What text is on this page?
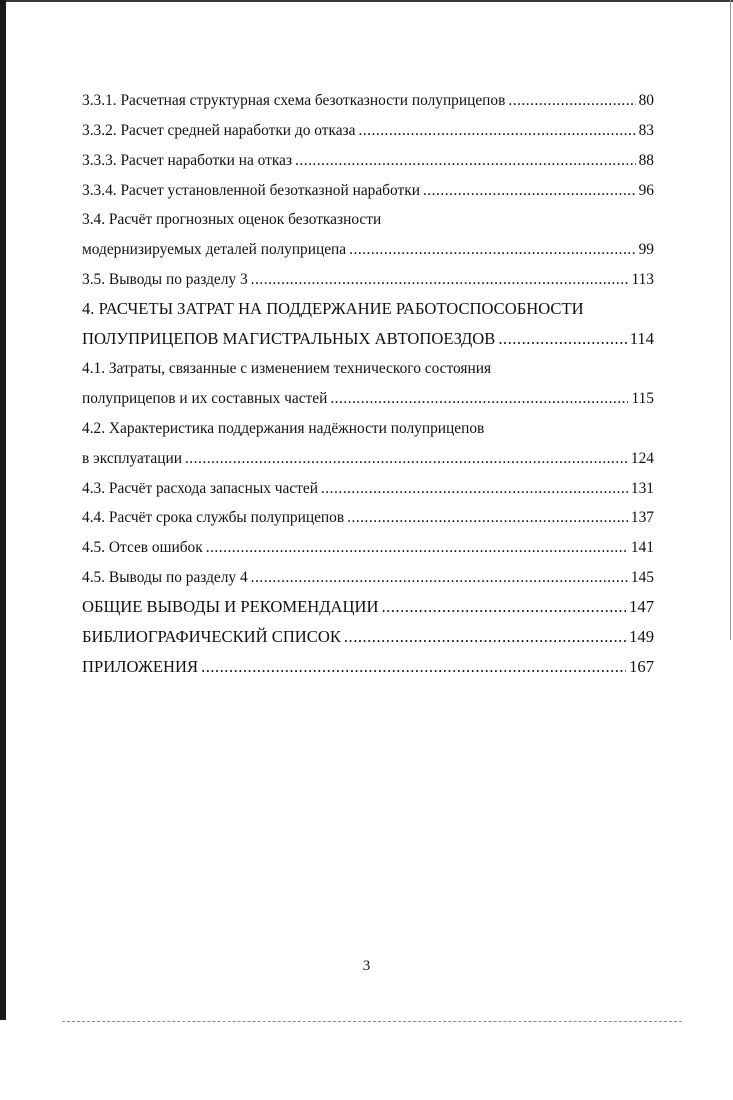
3.3.1. Расчетная структурная схема безотказности полуприцепов .....	80
3.3.2. Расчет средней наработки до отказа .....	83
3.3.3. Расчет наработки на отказ .....	88
3.3.4. Расчет установленной безотказной наработки .....	96
3.4. Расчёт прогнозных оценок безотказности
модернизируемых деталей полуприцепа .....	99
3.5. Выводы по разделу 3 .....	113
4. РАСЧЕТЫ ЗАТРАТ НА ПОДДЕРЖАНИЕ РАБОТОСПОСОБНОСТИ
ПОЛУПРИЦЕПОВ МАГИСТРАЛЬНЫХ АВТОПОЕЗДОВ .....	114
4.1. Затраты, связанные с изменением технического состояния
полуприцепов и их составных частей .....	115
4.2. Характеристика поддержания надёжности полуприцепов
в эксплуатации .....	124
4.3. Расчёт расхода запасных частей .....	131
4.4. Расчёт срока службы полуприцепов .....	137
4.5. Отсев ошибок .....	141
4.5. Выводы по разделу 4 .....	145
ОБЩИЕ ВЫВОДЫ И РЕКОМЕНДАЦИИ .....	147
БИБЛИОГРАФИЧЕСКИЙ СПИСОК .....	149
ПРИЛОЖЕНИЯ .....	167
3
